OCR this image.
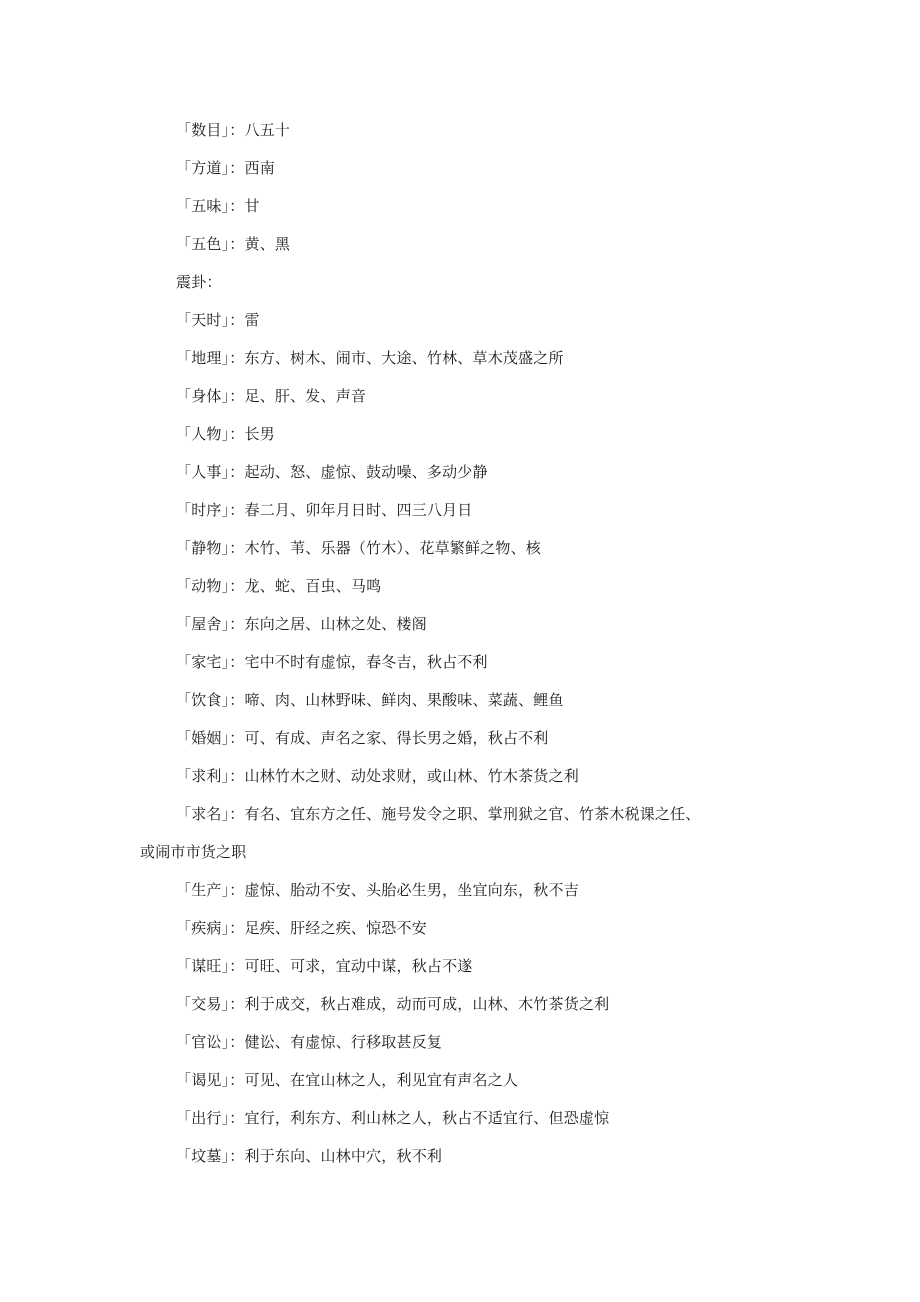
「数目」：八五十
「方道」：西南
「五味」：甘
「五色」：黄、黑
震卦：
「天时」：雷
「地理」：东方、树木、闹市、大途、竹林、草木茂盛之所
「身体」：足、肝、发、声音
「人物」：长男
「人事」：起动、怒、虚惊、鼓动噪、多动少静
「时序」：春二月、卯年月日时、四三八月日
「静物」：木竹、苇、乐器（竹木）、花草繁鲜之物、核
「动物」：龙、蛇、百虫、马鸣
「屋舍」：东向之居、山林之处、楼阁
「家宅」：宅中不时有虚惊，春冬吉，秋占不利
「饮食」：啼、肉、山林野味、鲜肉、果酸味、菜蔬、鲤鱼
「婚姻」：可、有成、声名之家、得长男之婚，秋占不利
「求利」：山林竹木之财、动处求财，或山林、竹木茶货之利
「求名」：有名、宜东方之任、施号发令之职、掌刑狱之官、竹茶木税课之任、
或闹市市货之职
「生产」：虚惊、胎动不安、头胎必生男，坐宜向东，秋不吉
「疾病」：足疾、肝经之疾、惊恐不安
「谋旺」：可旺、可求，宜动中谋，秋占不遂
「交易」：利于成交，秋占难成，动而可成，山林、木竹茶货之利
「官讼」：健讼、有虚惊、行移取甚反复
「谒见」：可见、在宜山林之人，利见宜有声名之人
「出行」：宜行，利东方、利山林之人，秋占不适宜行、但恐虚惊
「坟墓」：利于东向、山林中穴，秋不利
